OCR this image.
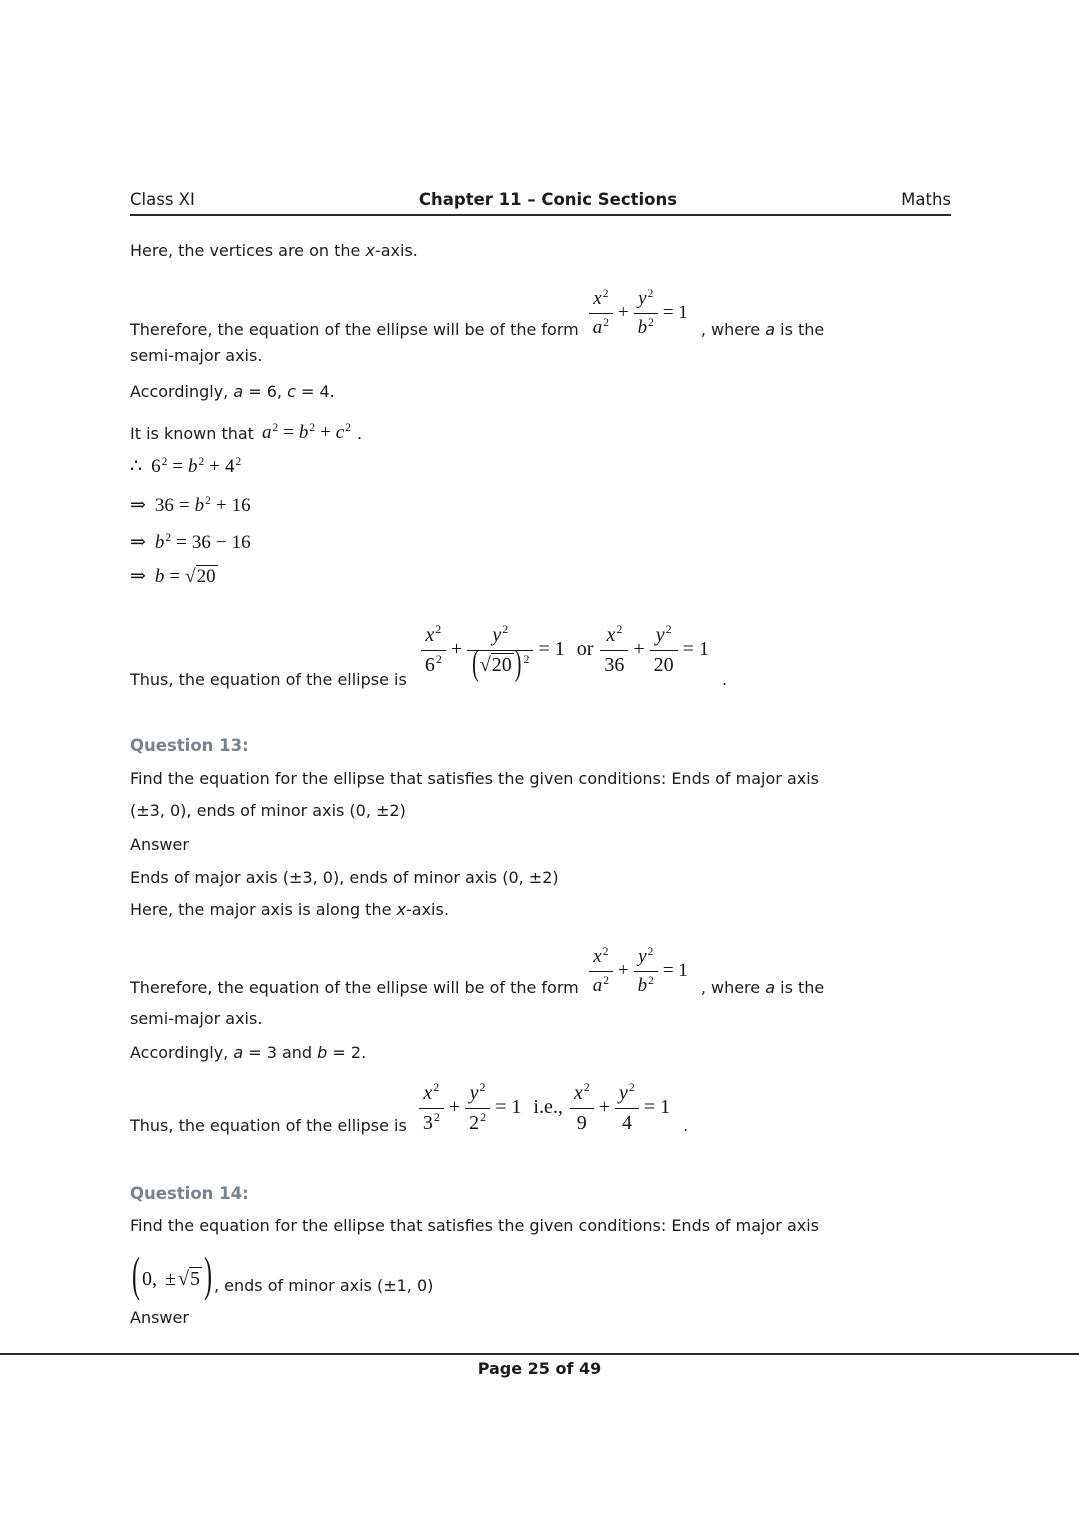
Class XI	Chapter 11 – Conic Sections	Maths
Here, the vertices are on the x-axis.
Therefore, the equation of the ellipse will be of the form $\frac{x^2}{a^2} + \frac{y^2}{b^2} = 1$
, where a is the
semi-major axis.
Accordingly, a = 6, c = 4.
It is known that $a^2 = b^2 + c^2$ .
∴ $6^2 = b^2 + 4^2$
⇒ $36 = b^2 + 16$
⇒ $b^2 = 36 - 16$
⇒ b = √20
Thus, the equation of the ellipse is
$\frac{x^2}{6^2} + \frac{y^2}{(√20 ) ^2} = 1$ or $\frac{x^2}{36} + \frac{y^2}{20} = 1$
.
Question 13:
Find the equation for the ellipse that satisfies the given conditions: Ends of major axis
(±3, 0), ends of minor axis (0, ±2)
Answer
Ends of major axis (±3, 0), ends of minor axis (0, ±2)
Here, the major axis is along the x-axis.
Therefore, the equation of the ellipse will be of the form $\frac{x^2}{a^2} + \frac{y^2}{b^2} = 1$
, where a is the
semi-major axis.
Accordingly, a = 3 and b = 2.
Thus, the equation of the ellipse is $\frac{x^2}{3^2} + \frac{y^2}{2^2} = 1$ i.e., $\frac{x^2}{9} + \frac{y^2}{4} = 1$
.
Question 14:
Find the equation for the ellipse that satisfies the given conditions: Ends of major axis
( 0, ± √5 ) , ends of minor axis (±1, 0)
Answer
Page 25 of 49
